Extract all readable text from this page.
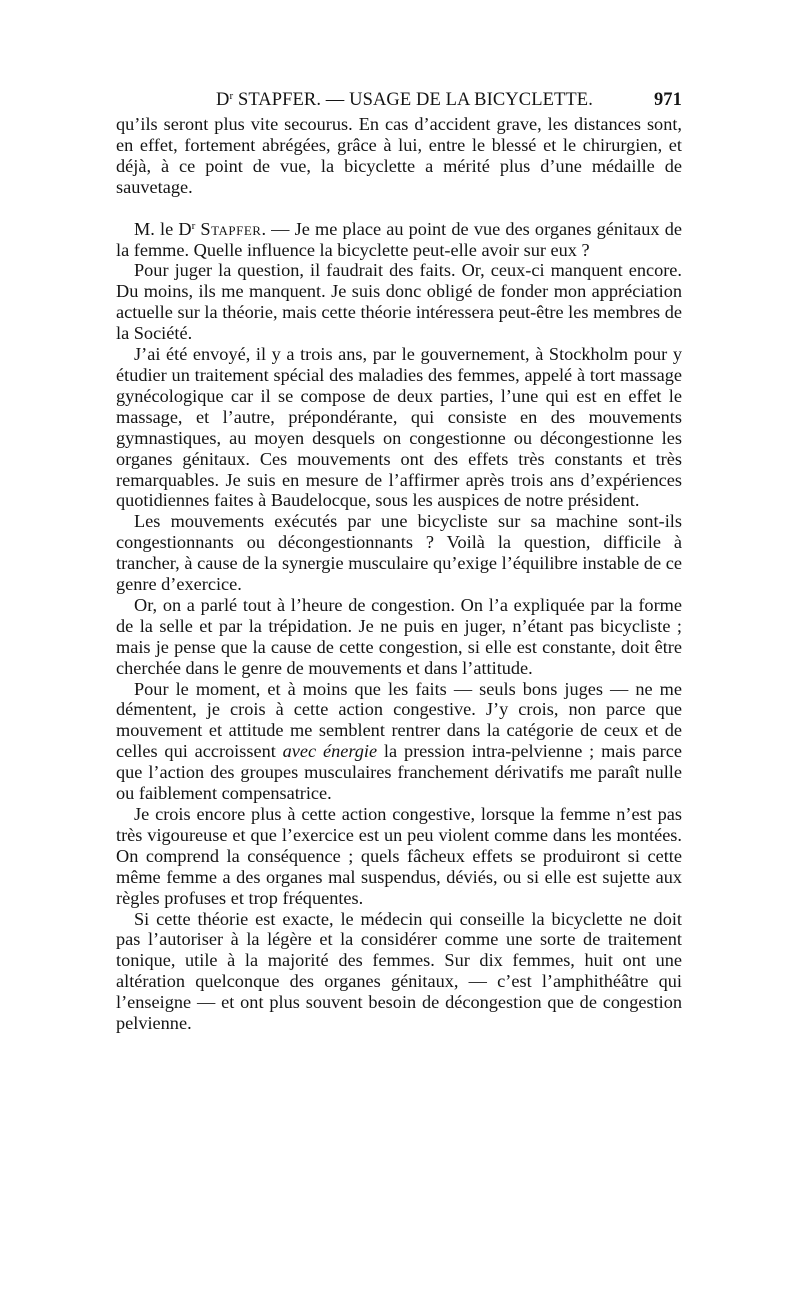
$D^r$ STAPFER. — USAGE DE LA BICYCLETTE.	971

qu’ils seront plus vite secourus. En cas d’accident grave, les distances sont, en effet, fortement abrégées, grâce à lui, entre le blessé et le chirurgien, et déjà, à ce point de vue, la bicyclette a mérité plus d’une médaille de sauvetage.

M. le $D^r$ Stapfer. — Je me place au point de vue des organes génitaux de la femme. Quelle influence la bicyclette peut-elle avoir sur eux ?

Pour juger la question, il faudrait des faits. Or, ceux-ci manquent encore. Du moins, ils me manquent. Je suis donc obligé de fonder mon appréciation actuelle sur la théorie, mais cette théorie intéressera peut-être les membres de la Société.

J’ai été envoyé, il y a trois ans, par le gouvernement, à Stockholm pour y étudier un traitement spécial des maladies des femmes, appelé à tort massage gynécologique car il se compose de deux parties, l’une qui est en effet le massage, et l’autre, prépondérante, qui consiste en des mouvements gymnastiques, au moyen desquels on congestionne ou décongestionne les organes génitaux. Ces mouvements ont des effets très constants et très remarquables. Je suis en mesure de l’affirmer après trois ans d’expériences quotidiennes faites à Baudelocque, sous les auspices de notre président.

Les mouvements exécutés par une bicycliste sur sa machine sont-ils congestionnants ou décongestionnants ? Voilà la question, difficile à trancher, à cause de la synergie musculaire qu’exige l’équilibre instable de ce genre d’exercice.

Or, on a parlé tout à l’heure de congestion. On l’a expliquée par la forme de la selle et par la trépidation. Je ne puis en juger, n’étant pas bicycliste ; mais je pense que la cause de cette congestion, si elle est constante, doit être cherchée dans le genre de mouvements et dans l’attitude.

Pour le moment, et à moins que les faits — seuls bons juges — ne me démentent, je crois à cette action congestive. J’y crois, non parce que mouvement et attitude me semblent rentrer dans la catégorie de ceux et de celles qui accroissent avec énergie la pression intra-pelvienne ; mais parce que l’action des groupes musculaires franchement dérivatifs me paraît nulle ou faiblement compensatrice.

Je crois encore plus à cette action congestive, lorsque la femme n’est pas très vigoureuse et que l’exercice est un peu violent comme dans les montées. On comprend la conséquence ; quels fâcheux effets se produiront si cette même femme a des organes mal suspendus, déviés, ou si elle est sujette aux règles profuses et trop fréquentes.

Si cette théorie est exacte, le médecin qui conseille la bicyclette ne doit pas l’autoriser à la légère et la considérer comme une sorte de traitement tonique, utile à la majorité des femmes. Sur dix femmes, huit ont une altération quelconque des organes génitaux, — c’est l’amphithéâtre qui l’enseigne — et ont plus souvent besoin de décongestion que de congestion pelvienne.
